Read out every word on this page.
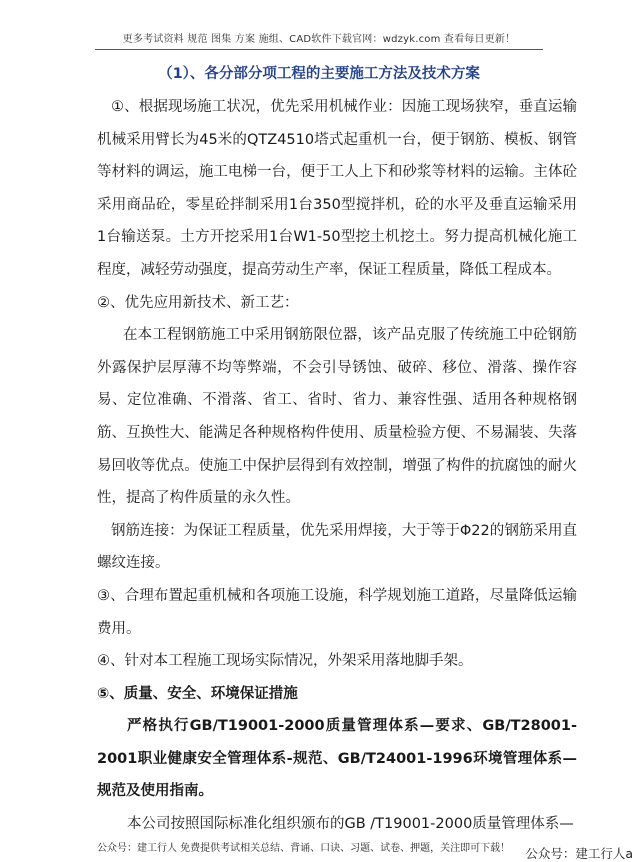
更多考试资料 规范 图集 方案 施组、CAD软件下载官网：wdzyk.com 查看每日更新！
（1）、各分部分项工程的主要施工方法及技术方案

①、根据现场施工状况，优先采用机械作业：因施工现场狭窄，垂直运输机械采用臂长为45米的QTZ4510塔式起重机一台，便于钢筋、模板、钢管等材料的调运，施工电梯一台，便于工人上下和砂浆等材料的运输。主体砼采用商品砼，零星砼拌制采用1台350型搅拌机，砼的水平及垂直运输采用1台输送泵。土方开挖采用1台W1-50型挖土机挖土。努力提高机械化施工程度，减轻劳动强度，提高劳动生产率，保证工程质量，降低工程成本。

②、优先应用新技术、新工艺：

在本工程钢筋施工中采用钢筋限位器，该产品克服了传统施工中砼钢筋外露保护层厚薄不均等弊端，不会引导锈蚀、破碎、移位、滑落、操作容易、定位准确、不滑落、省工、省时、省力、兼容性强、适用各种规格钢筋、互换性大、能满足各种规格构件使用、质量检验方便、不易漏装、失落易回收等优点。使施工中保护层得到有效控制，增强了构件的抗腐蚀的耐火性，提高了构件质量的永久性。

钢筋连接：为保证工程质量，优先采用焊接，大于等于Φ22的钢筋采用直螺纹连接。

③、合理布置起重机械和各项施工设施，科学规划施工道路，尽量降低运输费用。

④、针对本工程施工现场实际情况，外架采用落地脚手架。

⑤、质量、安全、环境保证措施

严格执行GB/T19001-2000质量管理体系—要求、GB/T28001-2001职业健康安全管理体系-规范、GB/T24001-1996环境管理体系—规范及使用指南。

本公司按照国际标准化组织颁布的GB /T19001-2000质量管理体系—

公众号：建工行人 免费提供考试相关总结、背诵、口诀、习题、试卷、押题，关注即可下载！ 公众号：建工行人a
